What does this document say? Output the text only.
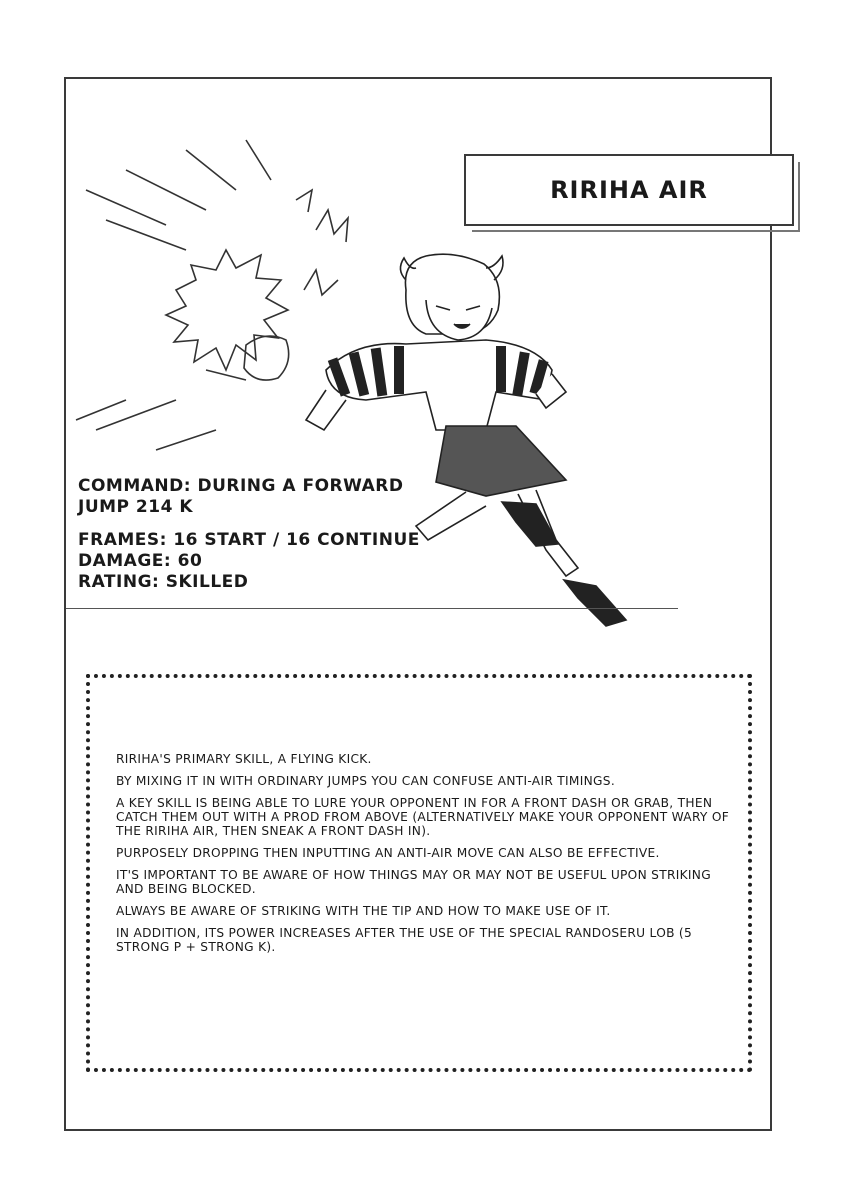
RIRIHA AIR
COMMAND: DURING A FORWARD
JUMP 214 K
FRAMES: 16 START / 16 CONTINUE
DAMAGE: 60
RATING: SKILLED

RIRIHA'S PRIMARY SKILL, A FLYING KICK.

BY MIXING IT IN WITH ORDINARY JUMPS YOU CAN CONFUSE ANTI-AIR TIMINGS.

A KEY SKILL IS BEING ABLE TO LURE YOUR OPPONENT IN FOR A FRONT DASH OR GRAB, THEN CATCH THEM OUT WITH A PROD FROM ABOVE (ALTERNATIVELY MAKE YOUR OPPONENT WARY OF THE RIRIHA AIR, THEN SNEAK A FRONT DASH IN).

PURPOSELY DROPPING THEN INPUTTING AN ANTI-AIR MOVE CAN ALSO BE EFFECTIVE.

IT'S IMPORTANT TO BE AWARE OF HOW THINGS MAY OR MAY NOT BE USEFUL UPON STRIKING AND BEING BLOCKED.

ALWAYS BE AWARE OF STRIKING WITH THE TIP AND HOW TO MAKE USE OF IT.

IN ADDITION, ITS POWER INCREASES AFTER THE USE OF THE SPECIAL RANDOSERU LOB (5 STRONG P + STRONG K).
